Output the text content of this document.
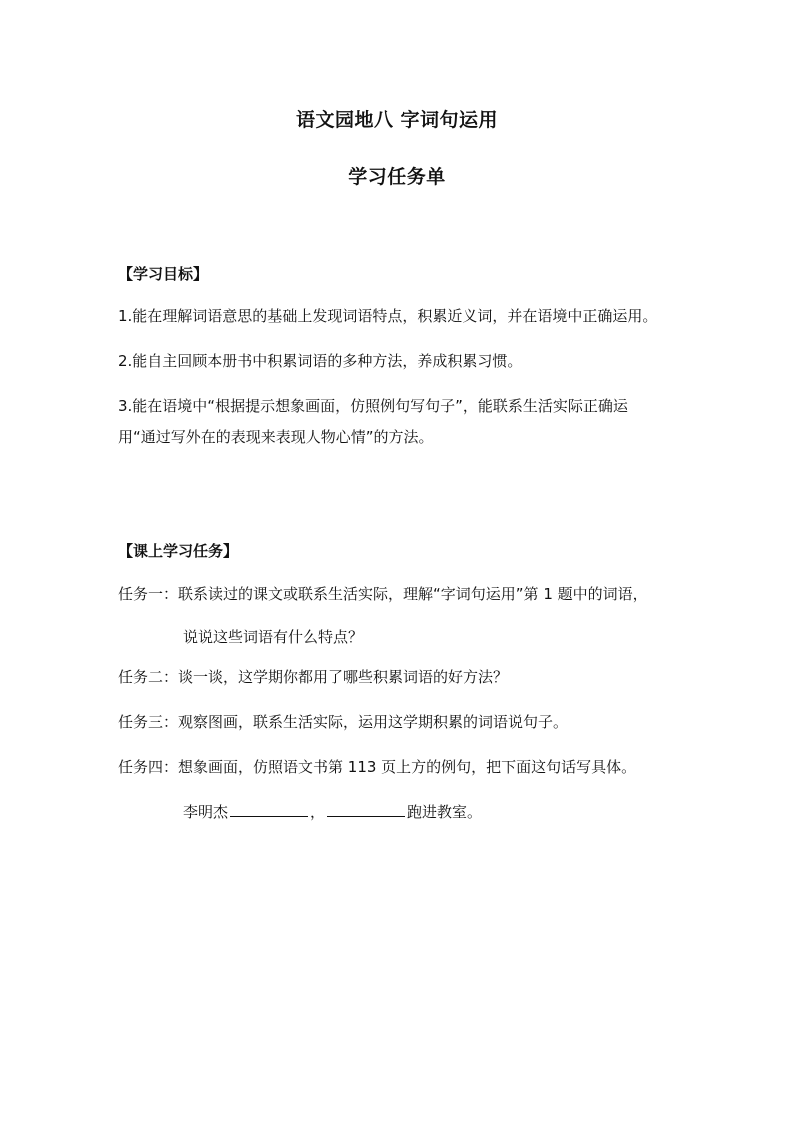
语文园地八 字词句运用
学习任务单
【学习目标】
1.能在理解词语意思的基础上发现词语特点，积累近义词，并在语境中正确运用。
2.能自主回顾本册书中积累词语的多种方法，养成积累习惯。
3.能在语境中“根据提示想象画面，仿照例句写句子”，能联系生活实际正确运
用“通过写外在的表现来表现人物心情”的方法。
【课上学习任务】
任务一：联系读过的课文或联系生活实际，理解“字词句运用”第 1 题中的词语，
说说这些词语有什么特点？
任务二：谈一谈，这学期你都用了哪些积累词语的好方法？
任务三：观察图画，联系生活实际，运用这学期积累的词语说句子。
任务四：想象画面，仿照语文书第 113 页上方的例句，把下面这句话写具体。
李明杰	，	跑进教室。
